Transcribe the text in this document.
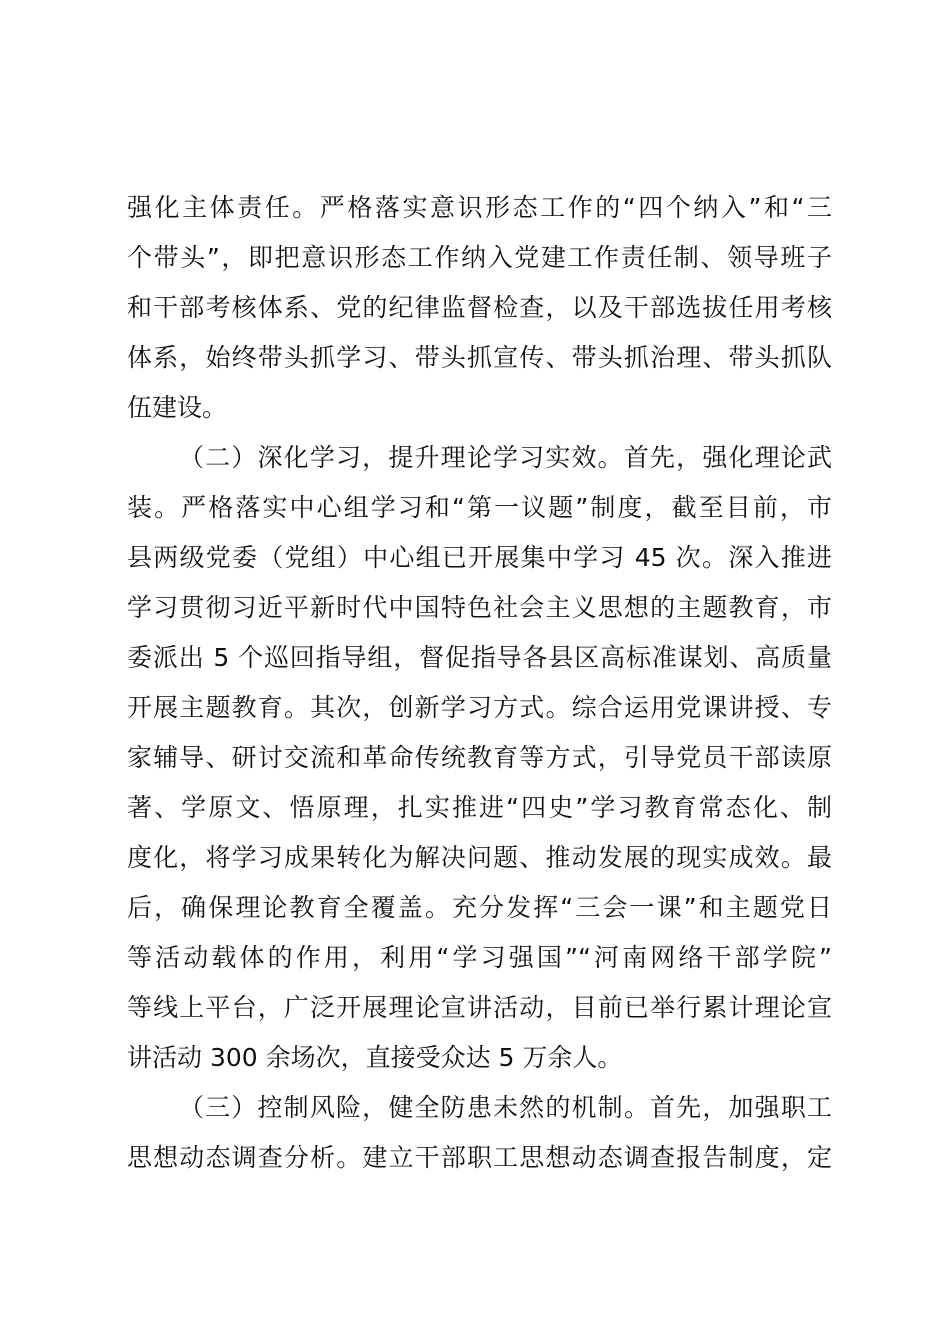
强化主体责任。严格落实意识形态工作的“四个纳入”和“三
个带头”，即把意识形态工作纳入党建工作责任制、领导班子
和干部考核体系、党的纪律监督检查，以及干部选拔任用考核
体系，始终带头抓学习、带头抓宣传、带头抓治理、带头抓队
伍建设。
（二）深化学习，提升理论学习实效。首先，强化理论武
装。严格落实中心组学习和“第一议题”制度，截至目前，市
县两级党委（党组）中心组已开展集中学习 45 次。深入推进
学习贯彻习近平新时代中国特色社会主义思想的主题教育，市
委派出 5 个巡回指导组，督促指导各县区高标准谋划、高质量
开展主题教育。其次，创新学习方式。综合运用党课讲授、专
家辅导、研讨交流和革命传统教育等方式，引导党员干部读原
著、学原文、悟原理，扎实推进“四史”学习教育常态化、制
度化，将学习成果转化为解决问题、推动发展的现实成效。最
后，确保理论教育全覆盖。充分发挥“三会一课”和主题党日
等活动载体的作用，利用“学习强国”“河南网络干部学院”
等线上平台，广泛开展理论宣讲活动，目前已举行累计理论宣
讲活动 300 余场次，直接受众达 5 万余人。
（三）控制风险，健全防患未然的机制。首先，加强职工
思想动态调查分析。建立干部职工思想动态调查报告制度，定
